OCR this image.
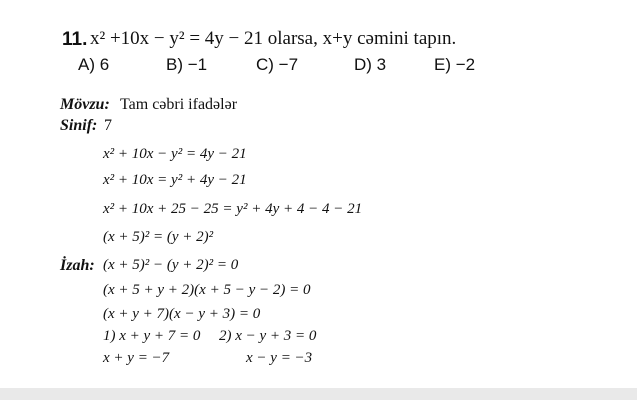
11. x² +10x − y² = 4y − 21 olarsa, x+y cəmini tapın.
A) 6	B) −1	C) −7	D) 3	E) −2
Mövzu: Tam cəbri ifadələr
Sinif: 7
x² + 10x − y² = 4y − 21
x² + 10x = y² + 4y − 21
x² + 10x + 25 − 25 = y² + 4y + 4 − 4 − 21
(x + 5)² = (y + 2)²
İzah: (x + 5)² − (y + 2)² = 0
(x + 5 + y + 2)(x + 5 − y − 2) = 0
(x + y + 7)(x − y + 3) = 0
1) x + y + 7 = 0 2) x − y + 3 = 0
x + y = −7	x − y = −3
